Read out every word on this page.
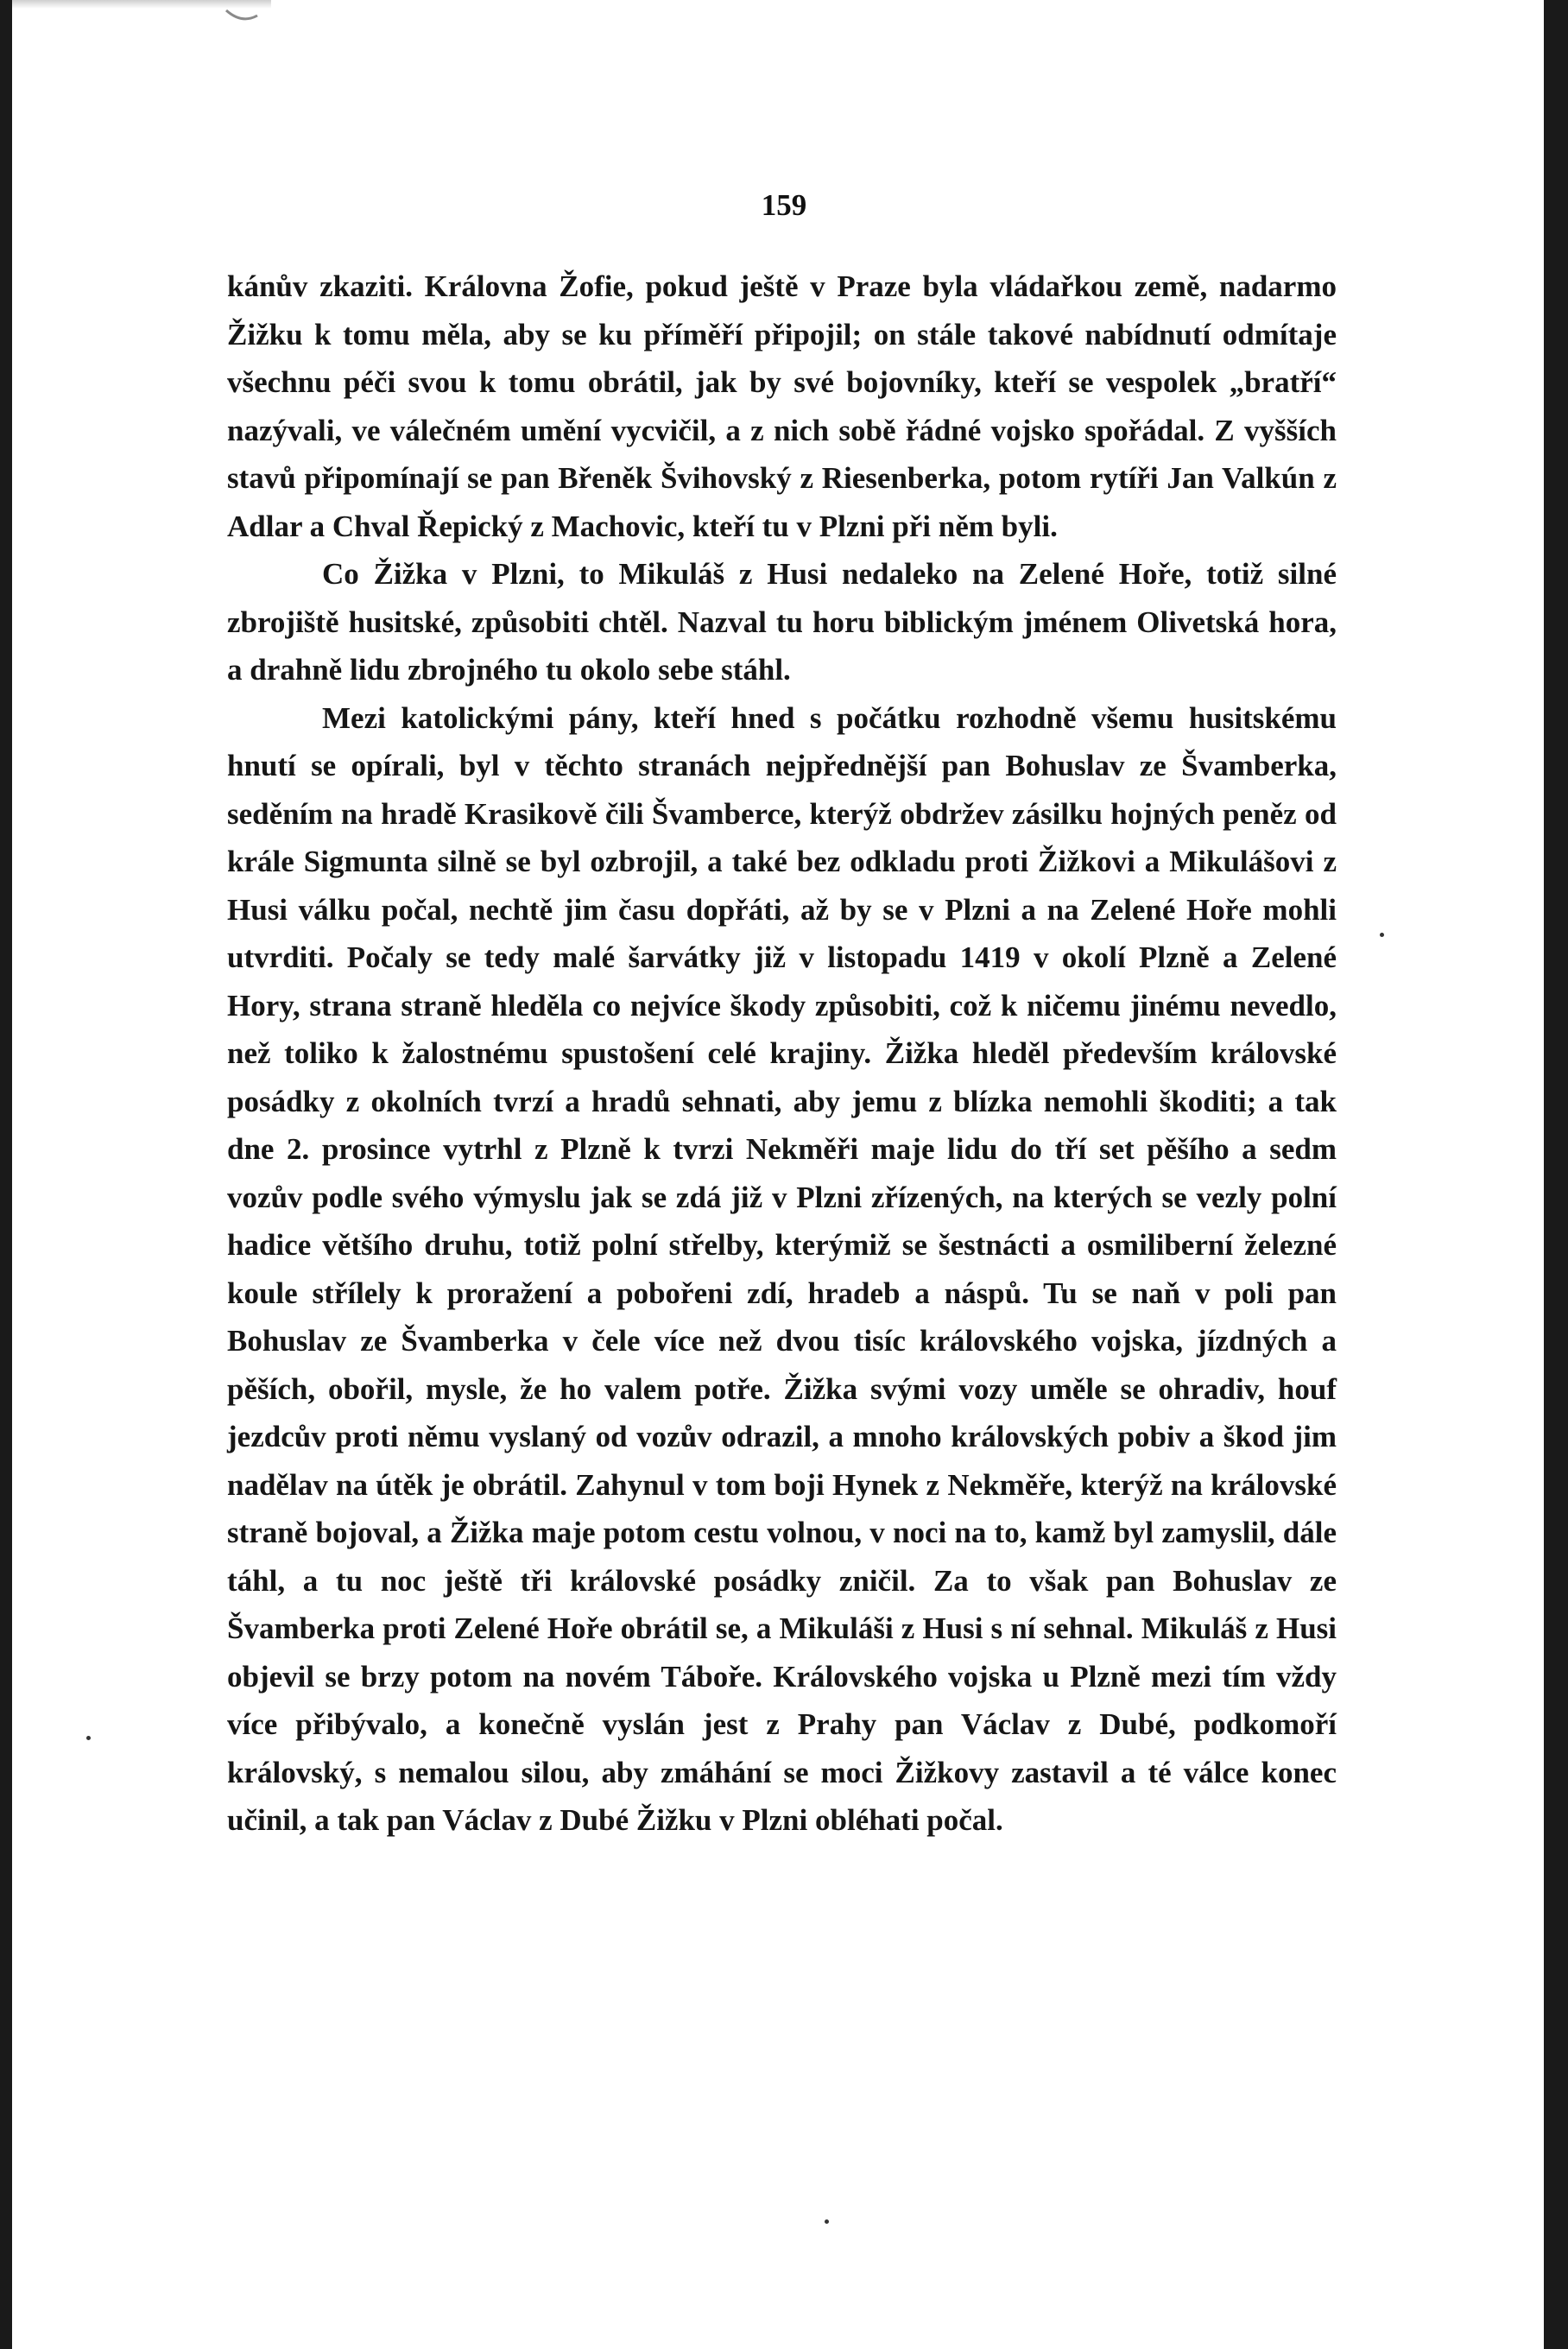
159

kánův zkaziti. Královna Žofie, pokud ještě v Praze byla vládařkou země, nadarmo Žižku k tomu měla, aby se ku příměří připojil; on stále takové nabídnutí odmítaje všechnu péči svou k tomu obrátil, jak by své bojovníky, kteří se vespolek „bratří“ nazývali, ve válečném umění vycvičil, a z nich sobě řádné vojsko spořádal. Z vyšších stavů připomínají se pan Břeněk Švihovský z Riesenberka, potom rytíři Jan Valkún z Adlar a Chval Řepický z Machovic, kteří tu v Plzni při něm byli.

Co Žižka v Plzni, to Mikuláš z Husi nedaleko na Zelené Hoře, totiž silné zbrojiště husitské, způsobiti chtěl. Nazval tu horu biblickým jménem Olivetská hora, a drahně lidu zbrojného tu okolo sebe stáhl.

Mezi katolickými pány, kteří hned s počátku rozhodně všemu husitskému hnutí se opírali, byl v těchto stranách nejpřednější pan Bohuslav ze Švamberka, seděním na hradě Krasikově čili Švamberce, kterýž obdržev zásilku hojných peněz od krále Sigmunta silně se byl ozbrojil, a také bez odkladu proti Žižkovi a Mikulášovi z Husi válku počal, nechtě jim času dopřáti, až by se v Plzni a na Zelené Hoře mohli utvrditi. Počaly se tedy malé šarvátky již v listopadu 1419 v okolí Plzně a Zelené Hory, strana straně hleděla co nejvíce škody způsobiti, což k ničemu jinému nevedlo, než toliko k žalostnému spustošení celé krajiny. Žižka hleděl především královské posádky z okolních tvrzí a hradů sehnati, aby jemu z blízka nemohli škoditi; a tak dne 2. prosince vytrhl z Plzně k tvrzi Nekměři maje lidu do tří set pěšího a sedm vozův podle svého výmyslu jak se zdá již v Plzni zřízených, na kterých se vezly polní hadice většího druhu, totiž polní střelby, kterýmiž se šestnácti a osmiliberní železné koule střílely k proražení a pobořeni zdí, hradeb a náspů. Tu se naň v poli pan Bohuslav ze Švamberka v čele více než dvou tisíc královského vojska, jízdných a pěších, obořil, mysle, že ho valem potře. Žižka svými vozy uměle se ohradiv, houf jezdcův proti němu vyslaný od vozův odrazil, a mnoho královských pobiv a škod jim nadělav na útěk je obrátil. Zahynul v tom boji Hynek z Nekměře, kterýž na královské straně bojoval, a Žižka maje potom cestu volnou, v noci na to, kamž byl zamyslil, dále táhl, a tu noc ještě tři královské posádky zničil. Za to však pan Bohuslav ze Švamberka proti Zelené Hoře obrátil se, a Mikuláši z Husi s ní sehnal. Mikuláš z Husi objevil se brzy potom na novém Táboře. Královského vojska u Plzně mezi tím vždy více přibývalo, a konečně vyslán jest z Prahy pan Václav z Dubé, podkomoří královský, s nemalou silou, aby zmáhání se moci Žižkovy zastavil a té válce konec učinil, a tak pan Václav z Dubé Žižku v Plzni obléhati počal.
